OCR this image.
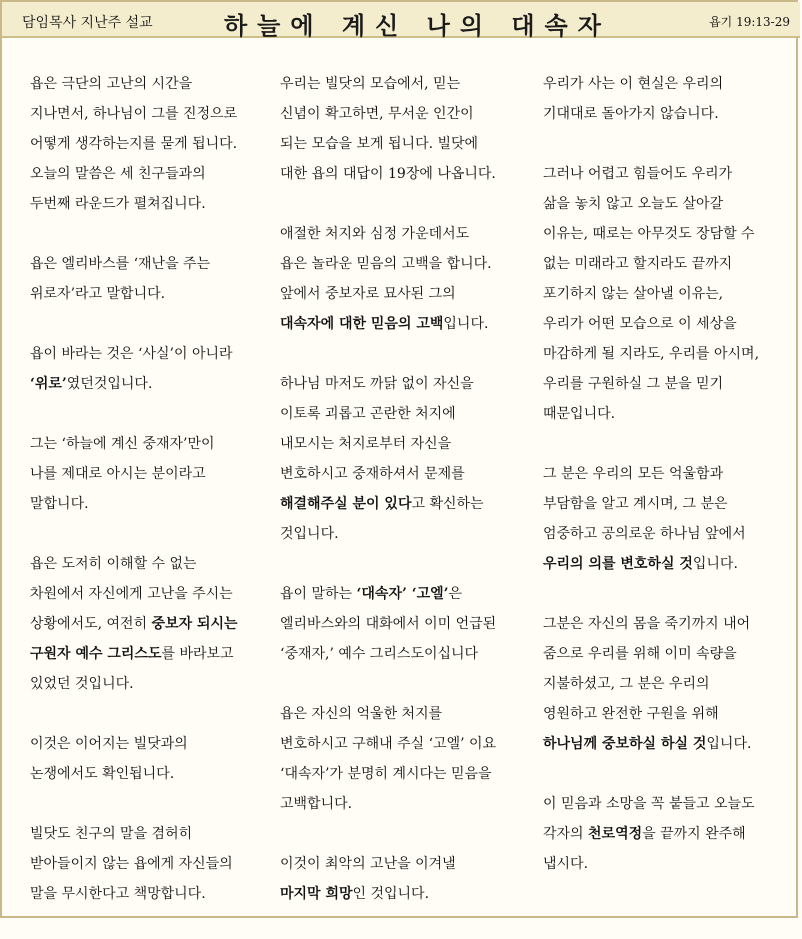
담임목사 지난주 설교	하늘에 계신 나의 대속자	욥기 19:13-29
욥은 극단의 고난의 시간을
지나면서, 하나님이 그를 진정으로
어떻게 생각하는지를 묻게 됩니다.
오늘의 말씀은 세 친구들과의
두번째 라운드가 펼쳐집니다.
욥은 엘리바스를 ‘재난을 주는
위로자’라고 말합니다.
욥이 바라는 것은 ‘사실’이 아니라
‘위로’였던것입니다.
그는 ‘하늘에 계신 중재자’만이
나를 제대로 아시는 분이라고
말합니다.
욥은 도저히 이해할 수 없는
차원에서 자신에게 고난을 주시는
상황에서도, 여전히 중보자 되시는
구원자 예수 그리스도를 바라보고
있었던 것입니다.
이것은 이어지는 빌닷과의
논쟁에서도 확인됩니다.
빌닷도 친구의 말을 겸허히
받아들이지 않는 욥에게 자신들의
말을 무시한다고 책망합니다.
우리는 빌닷의 모습에서, 믿는
신념이 확고하면, 무서운 인간이
되는 모습을 보게 됩니다. 빌닷에
대한 욥의 대답이 19장에 나옵니다.
애절한 처지와 심정 가운데서도
욥은 놀라운 믿음의 고백을 합니다.
앞에서 중보자로 묘사된 그의
대속자에 대한 믿음의 고백입니다.
하나님 마저도 까닭 없이 자신을
이토록 괴롭고 곤란한 처지에
내모시는 처지로부터 자신을
변호하시고 중재하셔서 문제를
해결해주실 분이 있다고 확신하는
것입니다.
욥이 말하는 ‘대속자’ ‘고엘’은
엘리바스와의 대화에서 이미 언급된
‘중재자,’ 예수 그리스도이십니다
욥은 자신의 억울한 처지를
변호하시고 구해내 주실 ‘고엘’ 이요
‘대속자’가 분명히 계시다는 믿음을
고백합니다.
이것이 최악의 고난을 이겨낼
마지막 희망인 것입니다.
우리가 사는 이 현실은 우리의
기대대로 돌아가지 않습니다.
그러나 어렵고 힘들어도 우리가
삶을 놓치 않고 오늘도 살아갈
이유는, 때로는 아무것도 장담할 수
없는 미래라고 할지라도 끝까지
포기하지 않는 살아낼 이유는,
우리가 어떤 모습으로 이 세상을
마감하게 될 지라도, 우리를 아시며,
우리를 구원하실 그 분을 믿기
때문입니다.
그 분은 우리의 모든 억울함과
부담함을 알고 계시며, 그 분은
엄중하고 공의로운 하나님 앞에서
우리의 의를 변호하실 것입니다.
그분은 자신의 몸을 죽기까지 내어
줌으로 우리를 위해 이미 속량을
지불하셨고, 그 분은 우리의
영원하고 완전한 구원을 위해
하나님께 중보하실 하실 것입니다.
이 믿음과 소망을 꼭 붙들고 오늘도
각자의 천로역정을 끝까지 완주해
냅시다.
